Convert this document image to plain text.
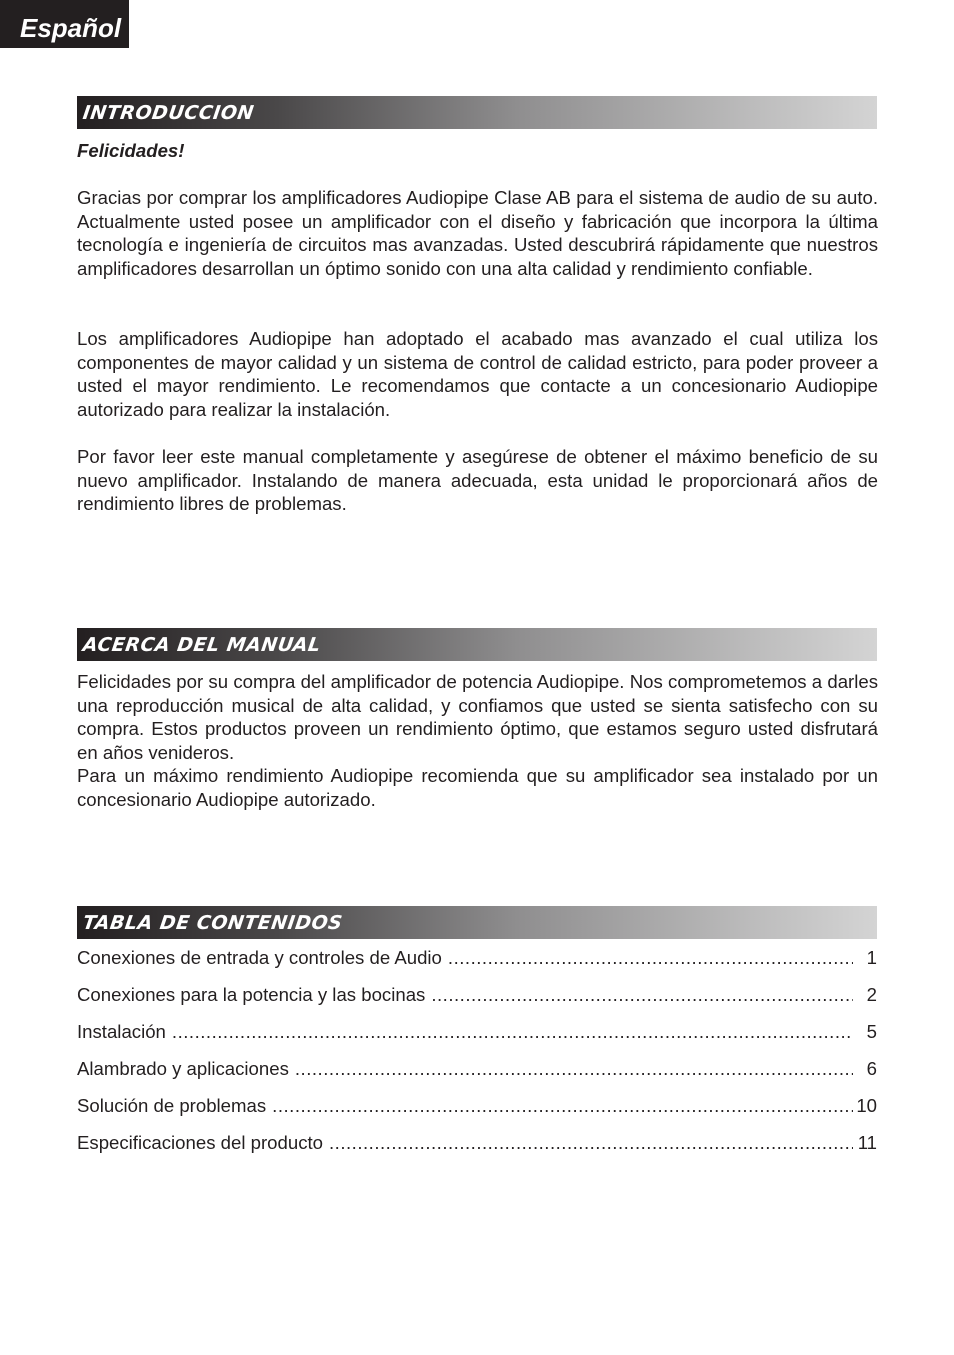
Español
INTRODUCCION

Felicidades!

Gracias por comprar los amplificadores Audiopipe Clase AB para el sistema de audio de su auto. Actualmente usted posee un amplificador con el diseño y fabricación que incorpora la última tecnología e ingeniería de circuitos mas avanzadas. Usted descubrirá rápidamente que nuestros amplificadores desarrollan un óptimo sonido con una alta calidad y rendimiento confiable.

Los amplificadores Audiopipe han adoptado el acabado mas avanzado el cual utiliza los componentes de mayor calidad y un sistema de control de calidad estricto, para poder proveer a usted el mayor rendimiento. Le recomendamos que contacte a un concesionario Audiopipe autorizado para realizar la instalación.

Por favor leer este manual completamente y asegúrese de obtener el máximo beneficio de su nuevo amplificador. Instalando de manera adecuada, esta unidad le proporcionará años de rendimiento libres de problemas.

ACERCA DEL MANUAL

Felicidades por su compra del amplificador de potencia Audiopipe. Nos comprometemos a darles una reproducción musical de alta calidad, y confiamos que usted se sienta satisfecho con su compra. Estos productos proveen un rendimiento óptimo, que estamos seguro usted disfrutará en años venideros.

Para un máximo rendimiento Audiopipe recomienda que su amplificador sea instalado por un concesionario Audiopipe autorizado.

TABLA DE CONTENIDOS
Conexiones de entrada y controles de Audio .....	1
Conexiones para la potencia y las bocinas .....	2
Instalación .....	5
Alambrado y aplicaciones .....	6
Solución de problemas .....	10
Especificaciones del producto .....	11
